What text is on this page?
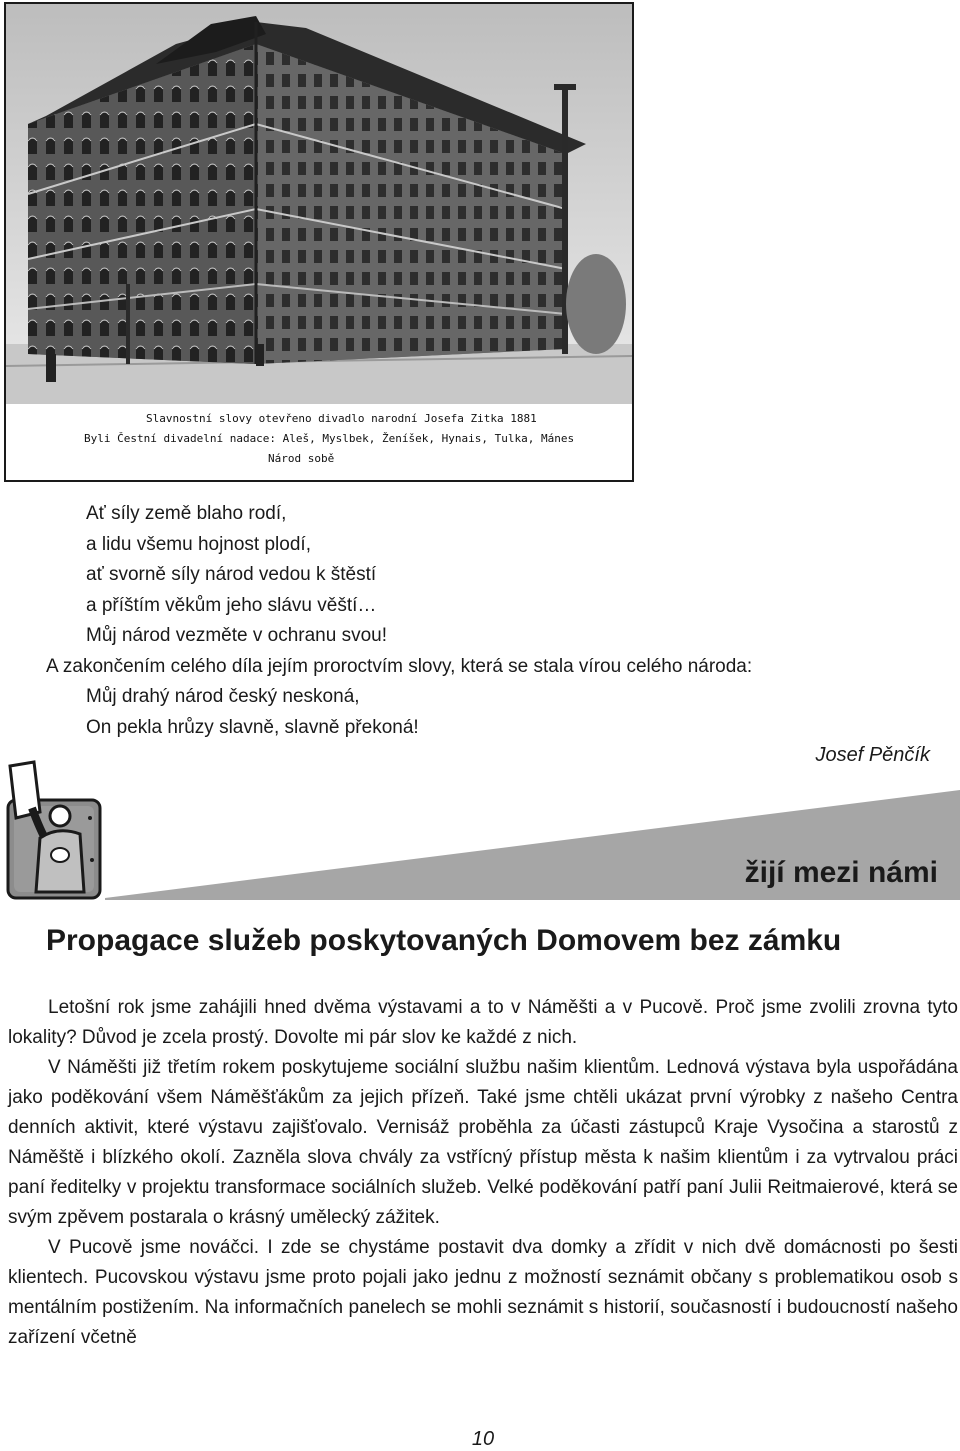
Slavnostní slovy otevřeno divadlo narodní Josefa Zitka 1881
Byli Čestní divadelní nadace: Aleš, Myslbek, Ženíšek, Hynais, Tulka, Mánes
Národ sobě
Ať síly země blaho rodí,
a lidu všemu hojnost plodí,
ať svorně síly národ vedou k štěstí
a příštím věkům jeho slávu věští…
Můj národ vezměte v ochranu svou!
A zakončením celého díla jejím proroctvím slovy, která se stala vírou celého národa:
Můj drahý národ český neskoná,
On pekla hrůzy slavně, slavně překoná!
Josef Pěnčík
žijí mezi námi
Propagace služeb poskytovaných Domovem bez zámku

Letošní rok jsme zahájili hned dvěma výstavami a to v Náměšti a v Pucově. Proč jsme zvolili zrovna tyto lokality? Důvod je zcela prostý. Dovolte mi pár slov ke každé z nich.

V Náměšti již třetím rokem poskytujeme sociální službu našim klientům. Lednová výstava byla uspořádána jako poděkování všem Náměšťákům za jejich přízeň. Také jsme chtěli ukázat první výrobky z našeho Centra denních aktivit, které výstavu zajišťovalo. Vernisáž proběhla za účasti zástupců Kraje Vysočina a starostů z Náměště i blízkého okolí. Zazněla slova chvály za vstřícný přístup města k našim klientům i za vytrvalou práci paní ředitelky v projektu transformace sociálních služeb. Velké poděkování patří paní Julii Reitmaierové, která se svým zpěvem postarala o krásný umělecký zážitek.

V Pucově jsme nováčci. I zde se chystáme postavit dva domky a zřídit v nich dvě domácnosti po šesti klientech. Pucovskou výstavu jsme proto pojali jako jednu z možností seznámit občany s problematikou osob s mentálním postižením. Na informačních panelech se mohli seznámit s historií, současností i budoucností našeho zařízení včetně

10
